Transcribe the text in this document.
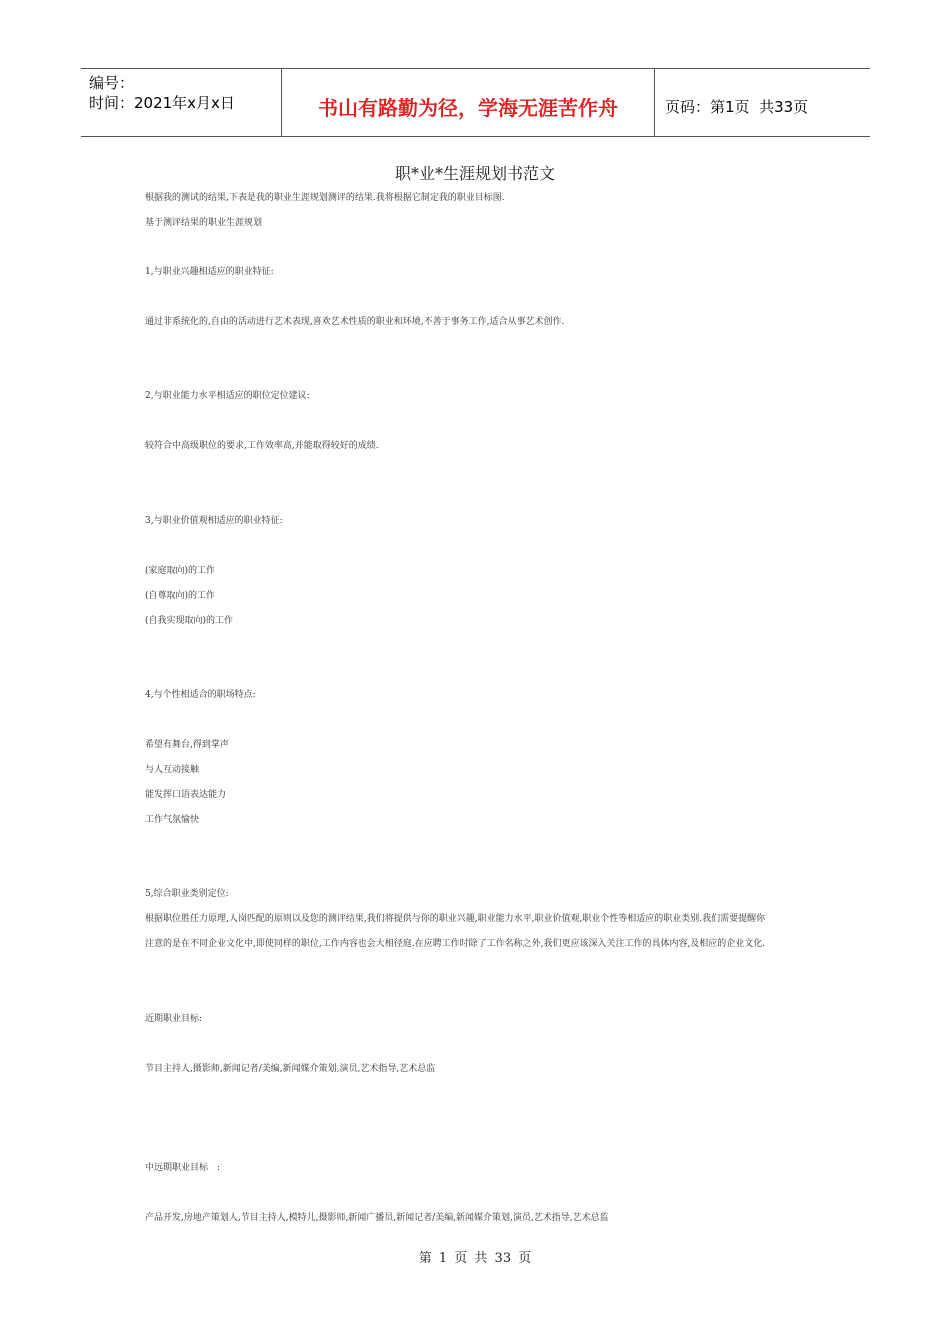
编号：
时间：2021年x月x日	书山有路勤为径，学海无涯苦作舟	页码：第1页  共33页
职*业*生涯规划书范文
根据我的测试的结果,下表是我的职业生涯规划测评的结果.我将根据它制定我的职业目标图.
基于测评结果的职业生涯规划
1,与职业兴趣相适应的职业特征:
通过非系统化的,自由的活动进行艺术表现,喜欢艺术性质的职业和环境,不善于事务工作,适合从事艺术创作.
2,与职业能力水平相适应的职位定位建议:
较符合中高级职位的要求,工作效率高,并能取得较好的成绩.
3,与职业价值观相适应的职业特征:
(家庭取向)的工作
(自尊取向)的工作
(自我实现取向)的工作
4,与个性相适合的职场特点:
希望有舞台,得到掌声
与人互动接触
能发挥口语表达能力
工作气氛愉快
5,综合职业类别定位:
根据职位胜任力原理,人岗匹配的原则以及您的测评结果,我们将提供与你的职业兴趣,职业能力水平,职业价值观,职业个性等相适应的职业类别.我们需要提醒你
注意的是在不同企业文化中,即使同样的职位,工作内容也会大相径庭.在应聘工作时除了工作名称之外,我们更应该深入关注工作的具体内容,及相应的企业文化.
近期职业目标:
节目主持人,摄影师,新闻记者/美编,新闻媒介策划,演员,艺术指导,艺术总监
中远期职业目标　:
产品开发,房地产策划人,节目主持人,模特儿,摄影师,新闻广播员,新闻记者/美编,新闻媒介策划,演员,艺术指导,艺术总监
第 1 页 共 33 页
